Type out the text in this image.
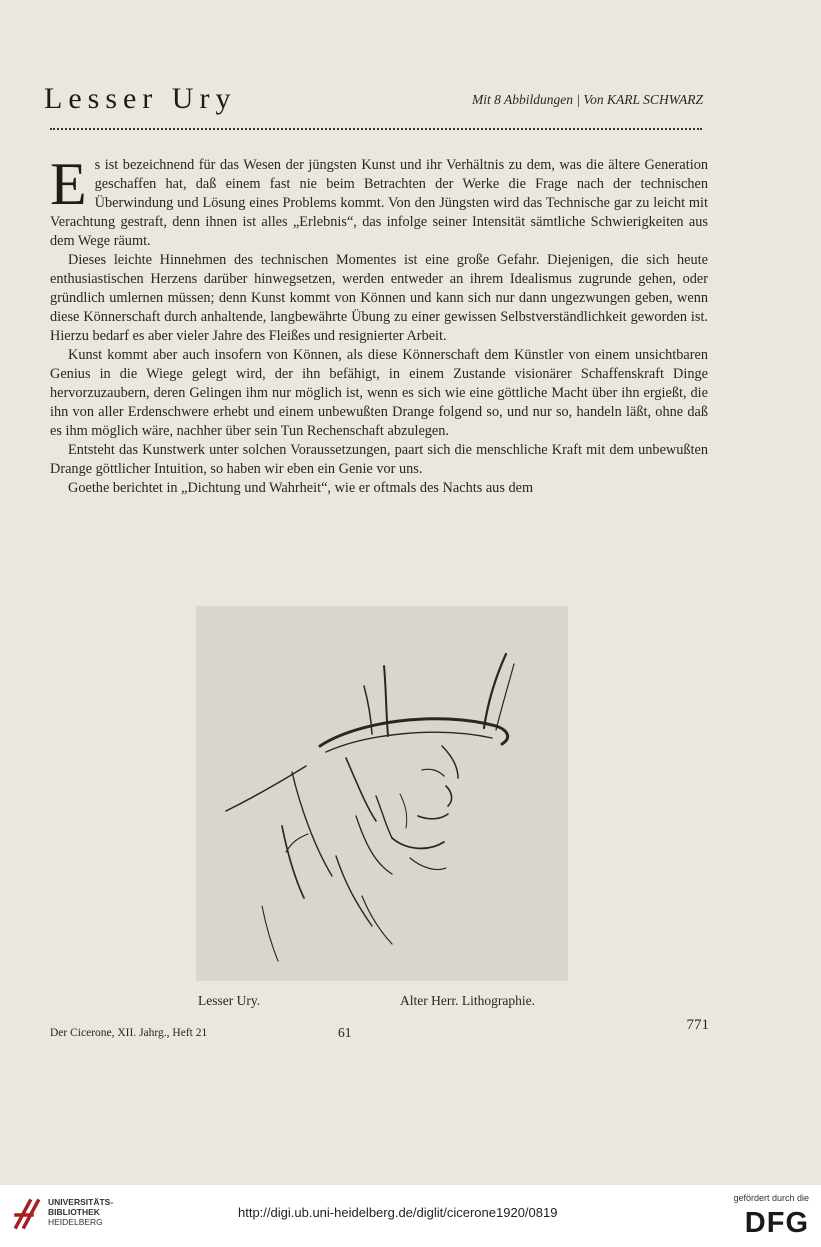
Lesser Ury	Mit 8 Abbildungen | Von KARL SCHWARZ

Es ist bezeichnend für das Wesen der jüngsten Kunst und ihr Verhältnis zu dem, was die ältere Generation geschaffen hat, daß einem fast nie beim Betrachten der Werke die Frage nach der technischen Überwindung und Lösung eines Problems kommt. Von den Jüngsten wird das Technische gar zu leicht mit Verachtung gestraft, denn ihnen ist alles „Erlebnis“, das infolge seiner Intensität sämtliche Schwierigkeiten aus dem Wege räumt.

Dieses leichte Hinnehmen des technischen Momentes ist eine große Gefahr. Diejenigen, die sich heute enthusiastischen Herzens darüber hinwegsetzen, werden entweder an ihrem Idealismus zugrunde gehen, oder gründlich umlernen müssen; denn Kunst kommt von Können und kann sich nur dann ungezwungen geben, wenn diese Könnerschaft durch anhaltende, langbewährte Übung zu einer gewissen Selbstverständlichkeit geworden ist. Hierzu bedarf es aber vieler Jahre des Fleißes und resignierter Arbeit.

Kunst kommt aber auch insofern von Können, als diese Könnerschaft dem Künstler von einem unsichtbaren Genius in die Wiege gelegt wird, der ihn befähigt, in einem Zustande visionärer Schaffenskraft Dinge hervorzuzaubern, deren Gelingen ihm nur möglich ist, wenn es sich wie eine göttliche Macht über ihn ergießt, die ihn von aller Erdenschwere erhebt und einem unbewußten Drange folgend so, und nur so, handeln läßt, ohne daß es ihm möglich wäre, nachher über sein Tun Rechenschaft abzulegen.

Entsteht das Kunstwerk unter solchen Voraussetzungen, paart sich die menschliche Kraft mit dem unbewußten Drange göttlicher Intuition, so haben wir eben ein Genie vor uns.

Goethe berichtet in „Dichtung und Wahrheit“, wie er oftmals des Nachts aus dem

Lesser Ury.	Alter Herr. Lithographie.
Der Cicerone, XII. Jahrg., Heft 21	61	771
UNIVERSITÄTS-
BIBLIOTHEK
HEIDELBERG
http://digi.ub.uni-heidelberg.de/diglit/cicerone1920/0819
gefördert durch die
DFG
